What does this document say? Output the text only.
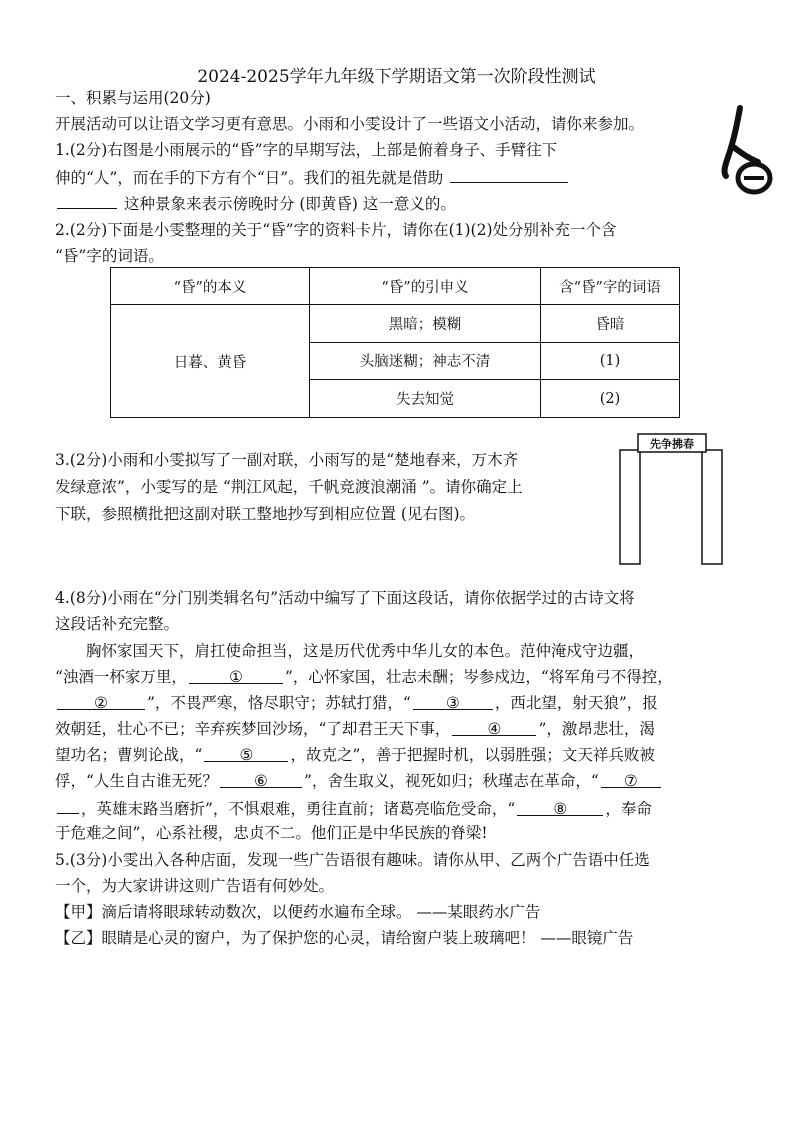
2024-2025学年九年级下学期语文第一次阶段性测试
一、积累与运用(20分)
开展活动可以让语文学习更有意思。小雨和小雯设计了一些语文小活动，请你来参加。
1.(2分)右图是小雨展示的“昏”字的早期写法，上部是俯着身子、手臂往下
伸的“人”，而在手的下方有个“日”。我们的祖先就是借助
这种景象来表示傍晚时分 (即黄昏) 这一意义的。
2.(2分)下面是小雯整理的关于“昏”字的资料卡片，请你在(1)(2)处分别补充一个含
“昏”字的词语。
“昏”的本义	“昏”的引申义	含“昏”字的词语
日暮、黄昏	黑暗；模糊	昏暗
	头脑迷糊；神志不清	(1)
	失去知觉	(2)
3.(2分)小雨和小雯拟写了一副对联，小雨写的是“楚地春来，万木齐
发绿意浓”，小雯写的是 “荆江风起，千帆竞渡浪潮涌 ”。请你确定上
下联，参照横批把这副对联工整地抄写到相应位置 (见右图)。
先争拂春
4.(8分)小雨在“分门别类辑名句”活动中编写了下面这段话，请你依据学过的古诗文将
这段话补充完整。
胸怀家国天下，肩扛使命担当，这是历代优秀中华儿女的本色。范仲淹戍守边疆，
“浊酒一杯家万里，	①	”，心怀家国，壮志未酬；岑参戍边，“将军角弓不得控，
②	”，不畏严寒，恪尽职守；苏轼打猎，“ ③ ，西北望，射天狼”，报
效朝廷，壮心不已；辛弃疾梦回沙场，“了却君王天下事， ④ ”，激昂悲壮，渴
望功名；曹刿论战，“ ⑤ ，故克之”，善于把握时机，以弱胜强；文天祥兵败被
俘，“人生自古谁无死？ ⑥ ”，舍生取义，视死如归；秋瑾志在革命，“ ⑦
，英雄末路当磨折”，不惧艰难，勇往直前；诸葛亮临危受命，“ ⑧ ，奉命
于危难之间”，心系社稷，忠贞不二。他们正是中华民族的脊梁!
5.(3分)小雯出入各种店面，发现一些广告语很有趣味。请你从甲、乙两个广告语中任选
一个，为大家讲讲这则广告语有何妙处。
【甲】滴后请将眼球转动数次，以便药水遍布全球。 ——某眼药水广告
【乙】眼睛是心灵的窗户，为了保护您的心灵，请给窗户装上玻璃吧！ ——眼镜广告
